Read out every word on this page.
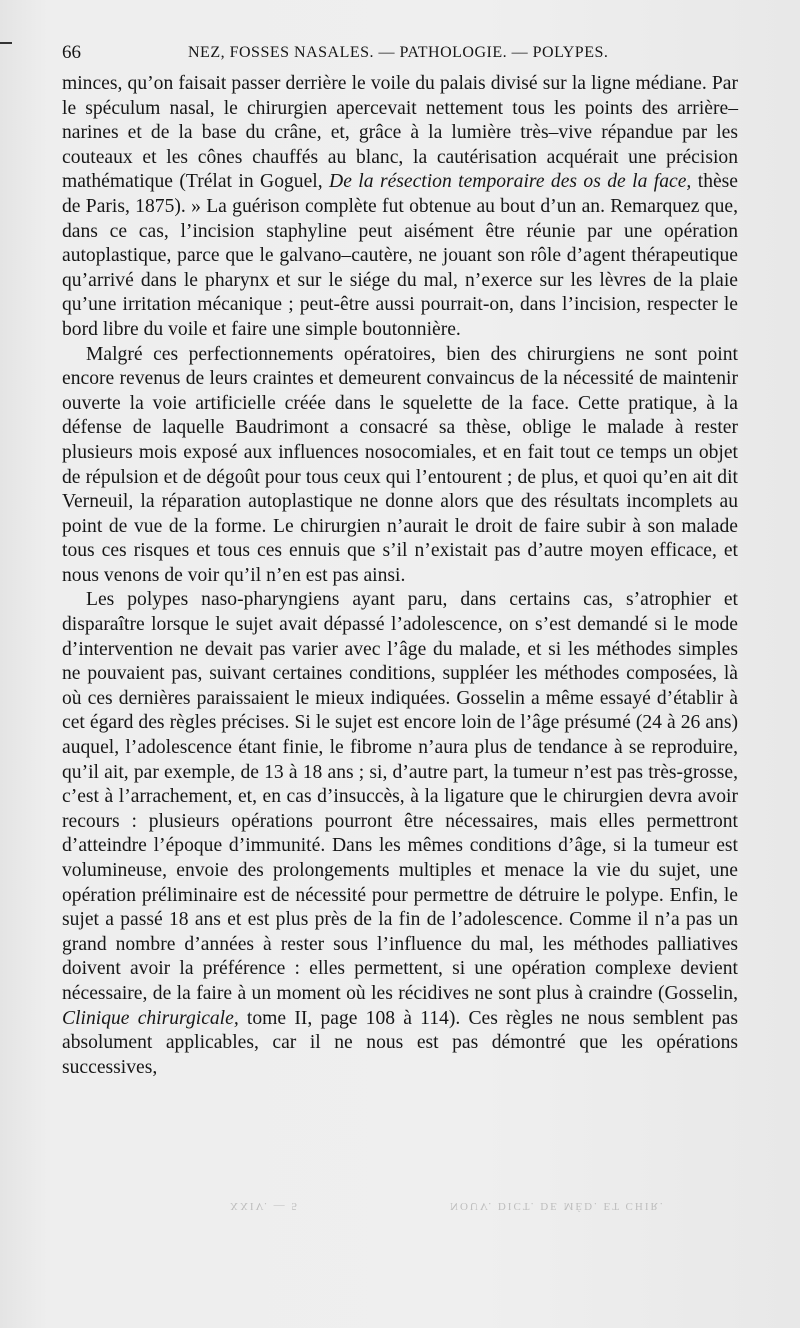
66	NEZ, FOSSES NASALES. — PATHOLOGIE. — POLYPES.

minces, qu’on faisait passer derrière le voile du palais divisé sur la ligne médiane. Par le spéculum nasal, le chirurgien apercevait nettement tous les points des arrière–narines et de la base du crâne, et, grâce à la lumière très–vive répandue par les couteaux et les cônes chauffés au blanc, la cautérisation acquérait une précision mathématique (Trélat in Goguel, De la résection temporaire des os de la face, thèse de Paris, 1875). » La guérison complète fut obtenue au bout d’un an. Remarquez que, dans ce cas, l’incision staphyline peut aisément être réunie par une opération autoplastique, parce que le galvano–cautère, ne jouant son rôle d’agent thérapeutique qu’arrivé dans le pharynx et sur le siége du mal, n’exerce sur les lèvres de la plaie qu’une irritation mécanique ; peut-être aussi pourrait-on, dans l’incision, respecter le bord libre du voile et faire une simple boutonnière.

Malgré ces perfectionnements opératoires, bien des chirurgiens ne sont point encore revenus de leurs craintes et demeurent convaincus de la nécessité de maintenir ouverte la voie artificielle créée dans le squelette de la face. Cette pratique, à la défense de laquelle Baudrimont a consacré sa thèse, oblige le malade à rester plusieurs mois exposé aux influences nosocomiales, et en fait tout ce temps un objet de répulsion et de dégoût pour tous ceux qui l’entourent ; de plus, et quoi qu’en ait dit Verneuil, la réparation autoplastique ne donne alors que des résultats incomplets au point de vue de la forme. Le chirurgien n’aurait le droit de faire subir à son malade tous ces risques et tous ces ennuis que s’il n’existait pas d’autre moyen efficace, et nous venons de voir qu’il n’en est pas ainsi.

Les polypes naso-pharyngiens ayant paru, dans certains cas, s’atrophier et disparaître lorsque le sujet avait dépassé l’adolescence, on s’est demandé si le mode d’intervention ne devait pas varier avec l’âge du malade, et si les méthodes simples ne pouvaient pas, suivant certaines conditions, suppléer les méthodes composées, là où ces dernières paraissaient le mieux indiquées. Gosselin a même essayé d’établir à cet égard des règles précises. Si le sujet est encore loin de l’âge présumé (24 à 26 ans) auquel, l’adolescence étant finie, le fibrome n’aura plus de tendance à se reproduire, qu’il ait, par exemple, de 13 à 18 ans ; si, d’autre part, la tumeur n’est pas très-grosse, c’est à l’arrachement, et, en cas d’insuccès, à la ligature que le chirurgien devra avoir recours : plusieurs opérations pourront être nécessaires, mais elles permettront d’atteindre l’époque d’immunité. Dans les mêmes conditions d’âge, si la tumeur est volumineuse, envoie des prolongements multiples et menace la vie du sujet, une opération préliminaire est de nécessité pour permettre de détruire le polype. Enfin, le sujet a passé 18 ans et est plus près de la fin de l’adolescence. Comme il n’a pas un grand nombre d’années à rester sous l’influence du mal, les méthodes palliatives doivent avoir la préférence : elles permettent, si une opération complexe devient nécessaire, de la faire à un moment où les récidives ne sont plus à craindre (Gosselin, Clinique chirurgicale, tome II, page 108 à 114). Ces règles ne nous semblent pas absolument applicables, car il ne nous est pas démontré que les opérations successives,

XXIV. — 5	NOUV. DICT. DE MÉD. ET CHIR.
